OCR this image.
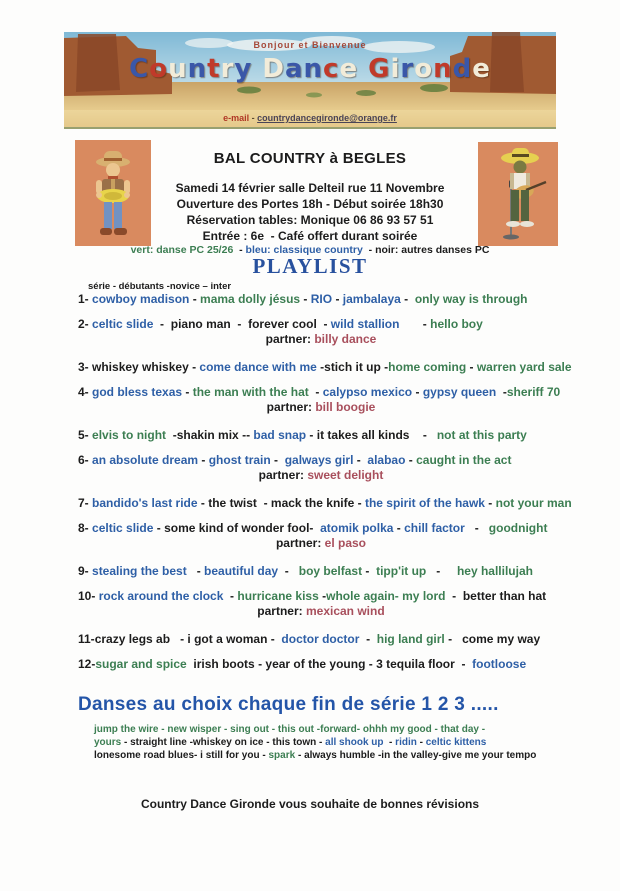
Bonjour et Bienvenue
Country Dance Gironde
e-mail - countrydancegironde@orange.fr
BAL COUNTRY à BEGLES
Samedi 14 février salle Delteil rue 11 Novembre
Ouverture des Portes 18h - Début soirée 18h30
Réservation tables: Monique 06 86 93 57 51
Entrée : 6e  - Café offert durant soirée
vert: danse PC 25/26  - bleu: classique country  - noir: autres danses PC
PLAYLIST
série - débutants -novice – inter
1- cowboy madison - mama dolly jésus - RIO - jambalaya -  only way is through
2- celtic slide  -  piano man  -  forever cool  - wild stallion       - hello boy
partner: billy dance
3- whiskey whiskey - come dance with me -stich it up -home coming - warren yard sale
4- god bless texas - the man with the hat  - calypso mexico - gypsy queen  -sheriff 70
partner: bill boogie
5- elvis to night  -shakin mix -- bad snap - it takes all kinds    -   not at this party
6- an absolute dream - ghost train -  galways girl -  alabao - caught in the act
partner: sweet delight
7- bandido's last ride - the twist  - mack the knife - the spirit of the hawk - not your man
8- celtic slide - some kind of wonder fool- atomik polka - chill factor   -   goodnight
partner: el paso
9- stealing the best   - beautiful day  -   boy belfast -  tipp'it up   -     hey hallilujah
10- rock around the clock  - hurricane kiss -whole again- my lord  -  better than hat
partner: mexican wind
11-crazy legs ab   - i got a woman -  doctor doctor  -  hig land girl -   come my way
12-sugar and spice irish boots - year of the young - 3 tequila floor  -  footloose
Danses au choix chaque fin de série 1 2 3 .....
jump the wire - new wisper - sing out - this out -forward- ohhh my good - that day -
yours - straight line -whiskey on ice - this town - all shook up  - ridin - celtic kittens
lonesome road blues- i still for you - spark - always humble -in the valley-give me your tempo
Country Dance Gironde vous souhaite de bonnes révisions
